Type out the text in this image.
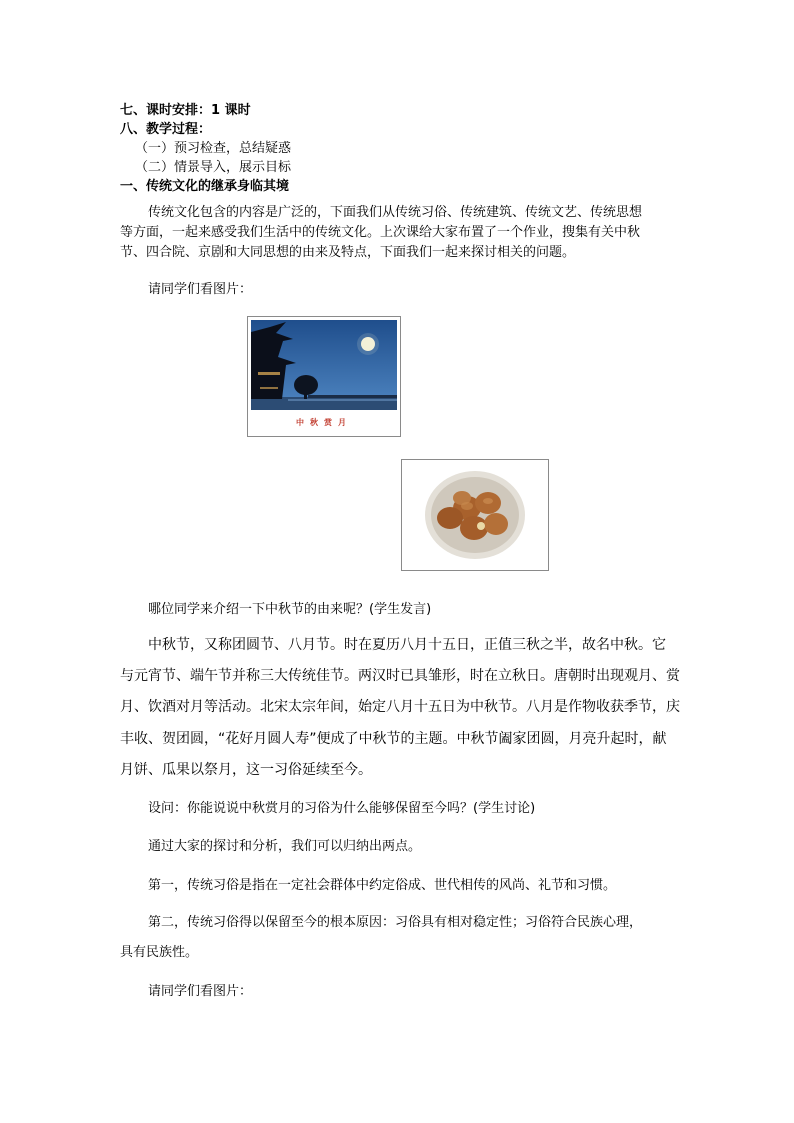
七、课时安排：1 课时
八、教学过程：
（一）预习检查，总结疑惑
（二）情景导入，展示目标
一、传统文化的继承身临其境
传统文化包含的内容是广泛的，下面我们从传统习俗、传统建筑、传统文艺、传统思想
等方面，一起来感受我们生活中的传统文化。上次课给大家布置了一个作业，搜集有关中秋
节、四合院、京剧和大同思想的由来及特点，下面我们一起来探讨相关的问题。
请同学们看图片：
中秋赏月
哪位同学来介绍一下中秋节的由来呢？(学生发言)
中秋节，又称团圆节、八月节。时在夏历八月十五日，正值三秋之半，故名中秋。它
与元宵节、端午节并称三大传统佳节。两汉时已具雏形，时在立秋日。唐朝时出现观月、赏
月、饮酒对月等活动。北宋太宗年间，始定八月十五日为中秋节。八月是作物收获季节，庆
丰收、贺团圆，“花好月圆人寿”便成了中秋节的主题。中秋节阖家团圆，月亮升起时，献
月饼、瓜果以祭月，这一习俗延续至今。
设问：你能说说中秋赏月的习俗为什么能够保留至今吗？(学生讨论)
通过大家的探讨和分析，我们可以归纳出两点。
第一，传统习俗是指在一定社会群体中约定俗成、世代相传的风尚、礼节和习惯。
第二，传统习俗得以保留至今的根本原因：习俗具有相对稳定性；习俗符合民族心理，
具有民族性。
请同学们看图片：
